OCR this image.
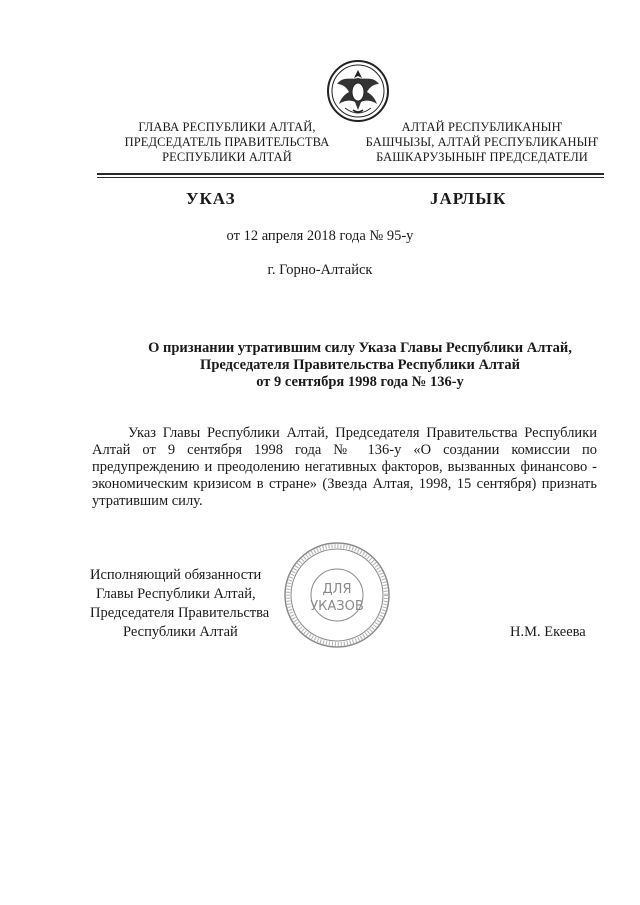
ГЛАВА РЕСПУБЛИКИ АЛТАЙ,
ПРЕДСЕДАТЕЛЬ ПРАВИТЕЛЬСТВА
РЕСПУБЛИКИ АЛТАЙ
АЛТАЙ РЕСПУБЛИКАНЫҤ
БАШЧЫЗЫ, АЛТАЙ РЕСПУБЛИКАНЫҤ
БАШКАРУЗЫНЫҤ ПРЕДСЕДАТЕЛИ
УКАЗ	JАРЛЫК
от 12 апреля 2018 года № 95-у
г. Горно-Алтайск
О признании утратившим силу Указа Главы Республики Алтай,
Председателя Правительства Республики Алтай
от 9 сентября 1998 года № 136-у

Указ Главы Республики Алтай, Председателя Правительства Республики Алтай от 9 сентября 1998 года № 136-у «О создании комиссии по предупреждению и преодолению негативных факторов, вызванных финансово - экономическим кризисом в стране» (Звезда Алтая, 1998, 15 сентября) признать утратившим силу.

ДЛЯ
УКАЗОВ
Исполняющий обязанности
Главы Республики Алтай,
Председателя Правительства
Республики Алтай	Н.М. Екеева
